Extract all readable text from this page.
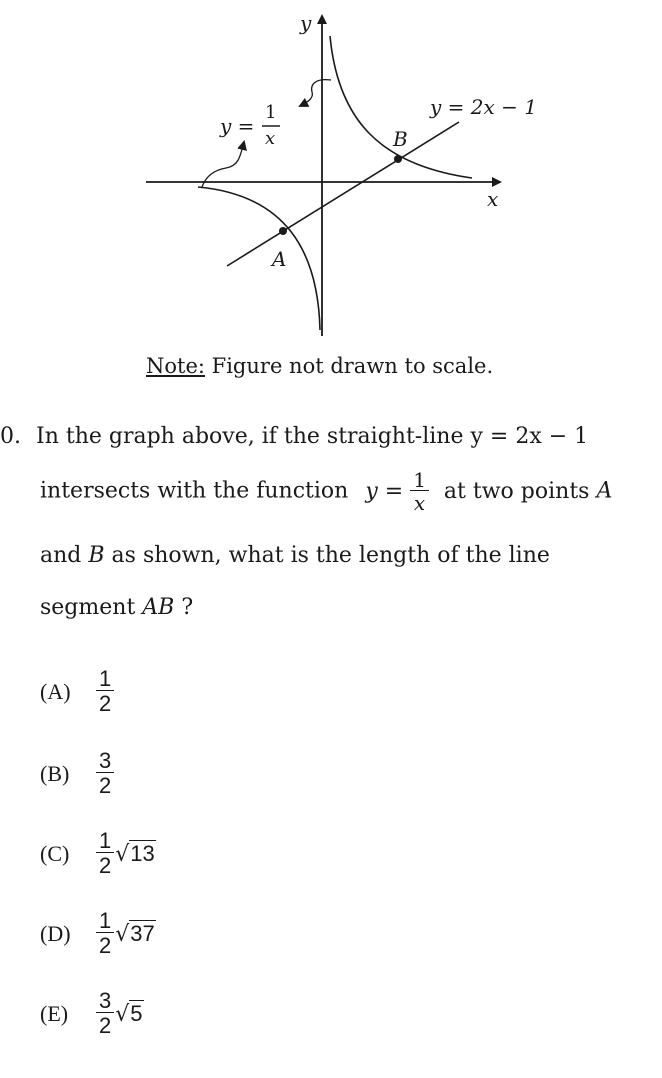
y
x
y =
1
x
y = 2x − 1
A
B
Note: Figure not drawn to scale.
0. In the graph above, if the straight-line y = 2x − 1
intersects with the function $y = \frac{1}{x}$ at two points A
and B as shown, what is the length of the line
segment AB ?
(A)	$\frac{1}{2}$
(B)	$\frac{3}{2}$
(C)	$\frac{1}{2} √13$
(D)	$\frac{1}{2} √37$
(E)	$\frac{3}{2} √5$
